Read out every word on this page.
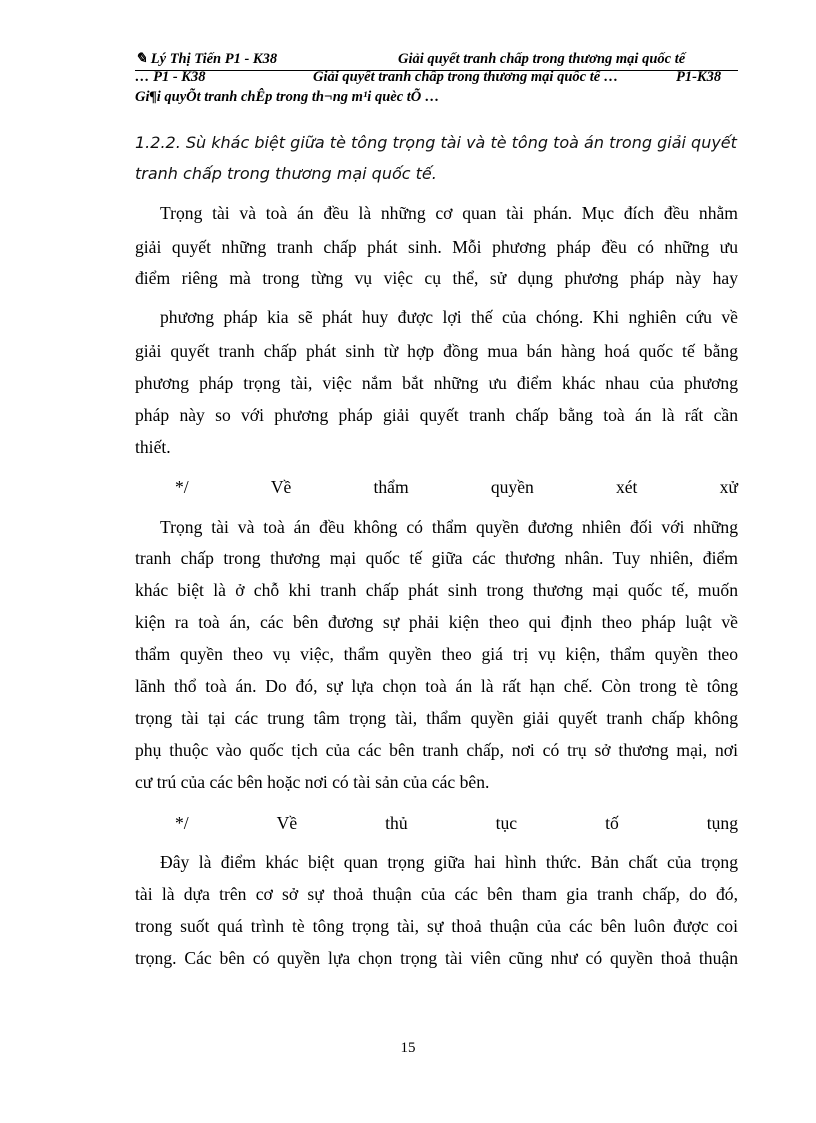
✎ Lý Thị Tiến P1 - K38	Giải quyết tranh chấp trong thương mại quốc tế
… P1 - K38	Giải quyết tranh chấp trong thương mại quốc tế …	P1-K38
Gi¶i quyÕt tranh chÊp trong th¬ng m¹i quèc tÕ …
1.2.2. Sù khác biệt giữa tè tông trọng tài và tè tông toà án trong giải quyết tranh chấp trong thương mại quốc tế.
Trọng tài và toà án đều là những cơ quan tài phán. Mục đích đều nhằm
giải quyết những tranh chấp phát sinh. Mỗi phương pháp đều có những ưu
điểm riêng mà trong từng vụ việc cụ thể, sử dụng phương pháp này hay
phương pháp kia sẽ phát huy được lợi thế của chóng. Khi nghiên cứu về
giải quyết tranh chấp phát sinh từ hợp đồng mua bán hàng hoá quốc tế bằng
phương pháp trọng tài, việc nắm bắt những ưu điểm khác nhau của phương
pháp này so với phương pháp giải quyết tranh chấp bằng toà án là rất cần
thiết.
*/	Về	thẩm	quyền	xét	xử
Trọng tài và toà án đều không có thẩm quyền đương nhiên đối với những
tranh chấp trong thương mại quốc tế giữa các thương nhân. Tuy nhiên, điểm
khác biệt là ở chỗ khi tranh chấp phát sinh trong thương mại quốc tế, muốn
kiện ra toà án, các bên đương sự phải kiện theo qui định theo pháp luật về
thẩm quyền theo vụ việc, thẩm quyền theo giá trị vụ kiện, thẩm quyền theo
lãnh thổ toà án. Do đó, sự lựa chọn toà án là rất hạn chế. Còn trong tè tông
trọng tài tại các trung tâm trọng tài, thẩm quyền giải quyết tranh chấp không
phụ thuộc vào quốc tịch của các bên tranh chấp, nơi có trụ sở thương mại, nơi
cư trú của các bên hoặc nơi có tài sản của các bên.
*/	Về	thủ	tục	tố	tụng
Đây là điểm khác biệt quan trọng giữa hai hình thức. Bản chất của trọng
tài là dựa trên cơ sở sự thoả thuận của các bên tham gia tranh chấp, do đó,
trong suốt quá trình tè tông trọng tài, sự thoả thuận của các bên luôn được coi
trọng. Các bên có quyền lựa chọn trọng tài viên cũng như có quyền thoả thuận
15
